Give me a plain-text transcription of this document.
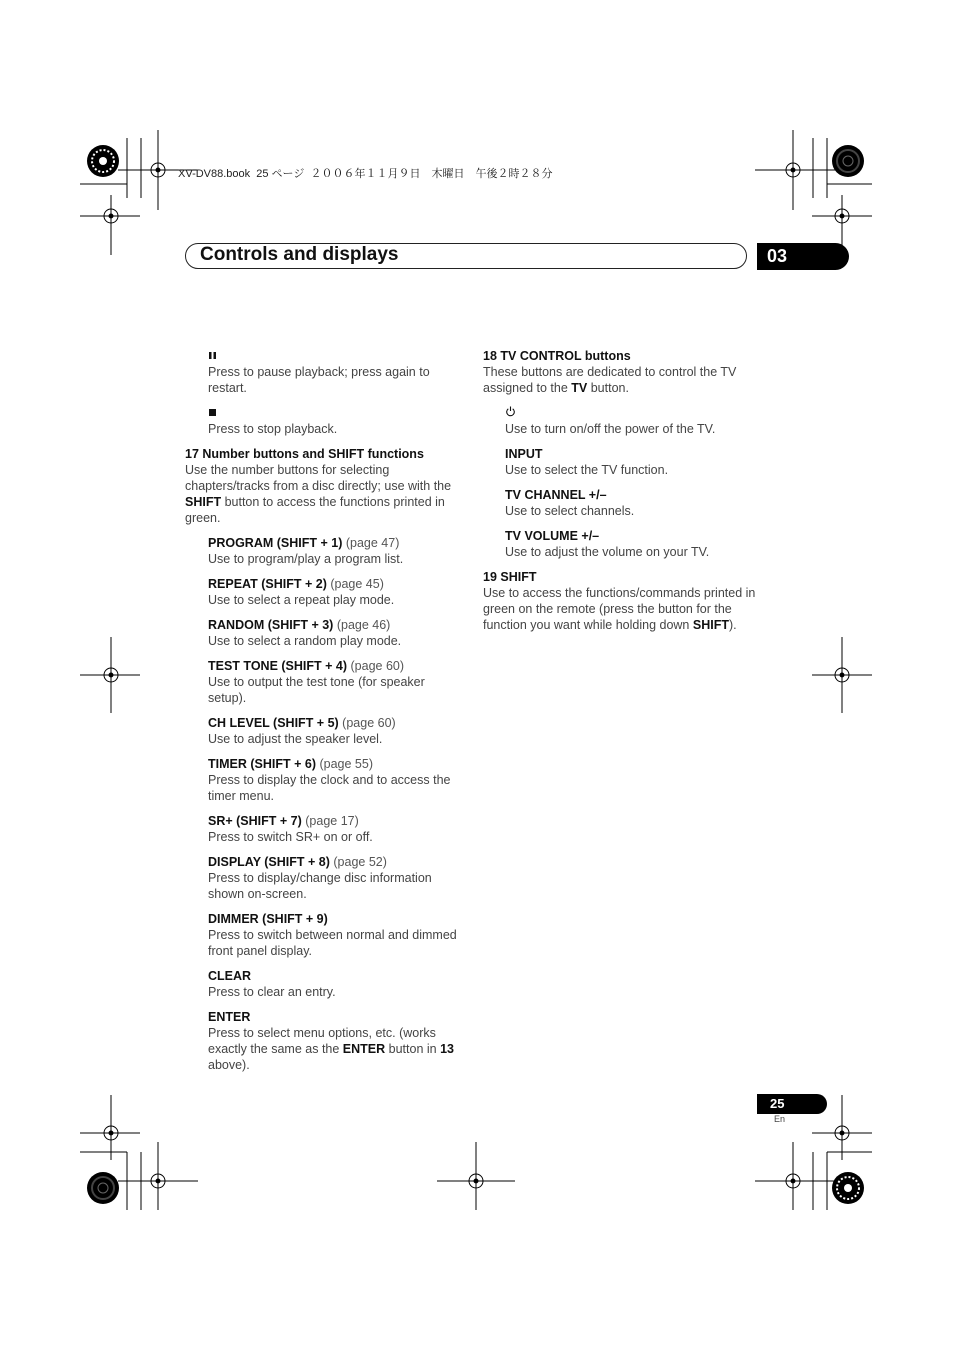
XV-DV88.book  25 ページ  ２００６年１１月９日　木曜日　午後２時２８分
Controls and displays	03

Press to pause playback; press again to restart.

Press to stop playback.

17 Number buttons and SHIFT functions

Use the number buttons for selecting chapters/tracks from a disc directly; use with the SHIFT button to access the functions printed in green.

PROGRAM (SHIFT + 1) (page 47)

Use to program/play a program list.

REPEAT (SHIFT + 2) (page 45)

Use to select a repeat play mode.

RANDOM (SHIFT + 3) (page 46)

Use to select a random play mode.

TEST TONE (SHIFT + 4) (page 60)

Use to output the test tone (for speaker setup).

CH LEVEL (SHIFT + 5) (page 60)

Use to adjust the speaker level.

TIMER (SHIFT + 6) (page 55)

Press to display the clock and to access the timer menu.

SR+ (SHIFT + 7) (page 17)

Press to switch SR+ on or off.

DISPLAY (SHIFT + 8) (page 52)

Press to display/change disc information shown on-screen.

DIMMER (SHIFT + 9)

Press to switch between normal and dimmed front panel display.

CLEAR

Press to clear an entry.

ENTER

Press to select menu options, etc. (works exactly the same as the ENTER button in 13 above).

18 TV CONTROL buttons

These buttons are dedicated to control the TV assigned to the TV button.

Use to turn on/off the power of the TV.

INPUT

Use to select the TV function.

TV CHANNEL +/–

Use to select channels.

TV VOLUME +/–

Use to adjust the volume on your TV.

19 SHIFT

Use to access the functions/commands printed in green on the remote (press the button for the function you want while holding down SHIFT).

25
En
